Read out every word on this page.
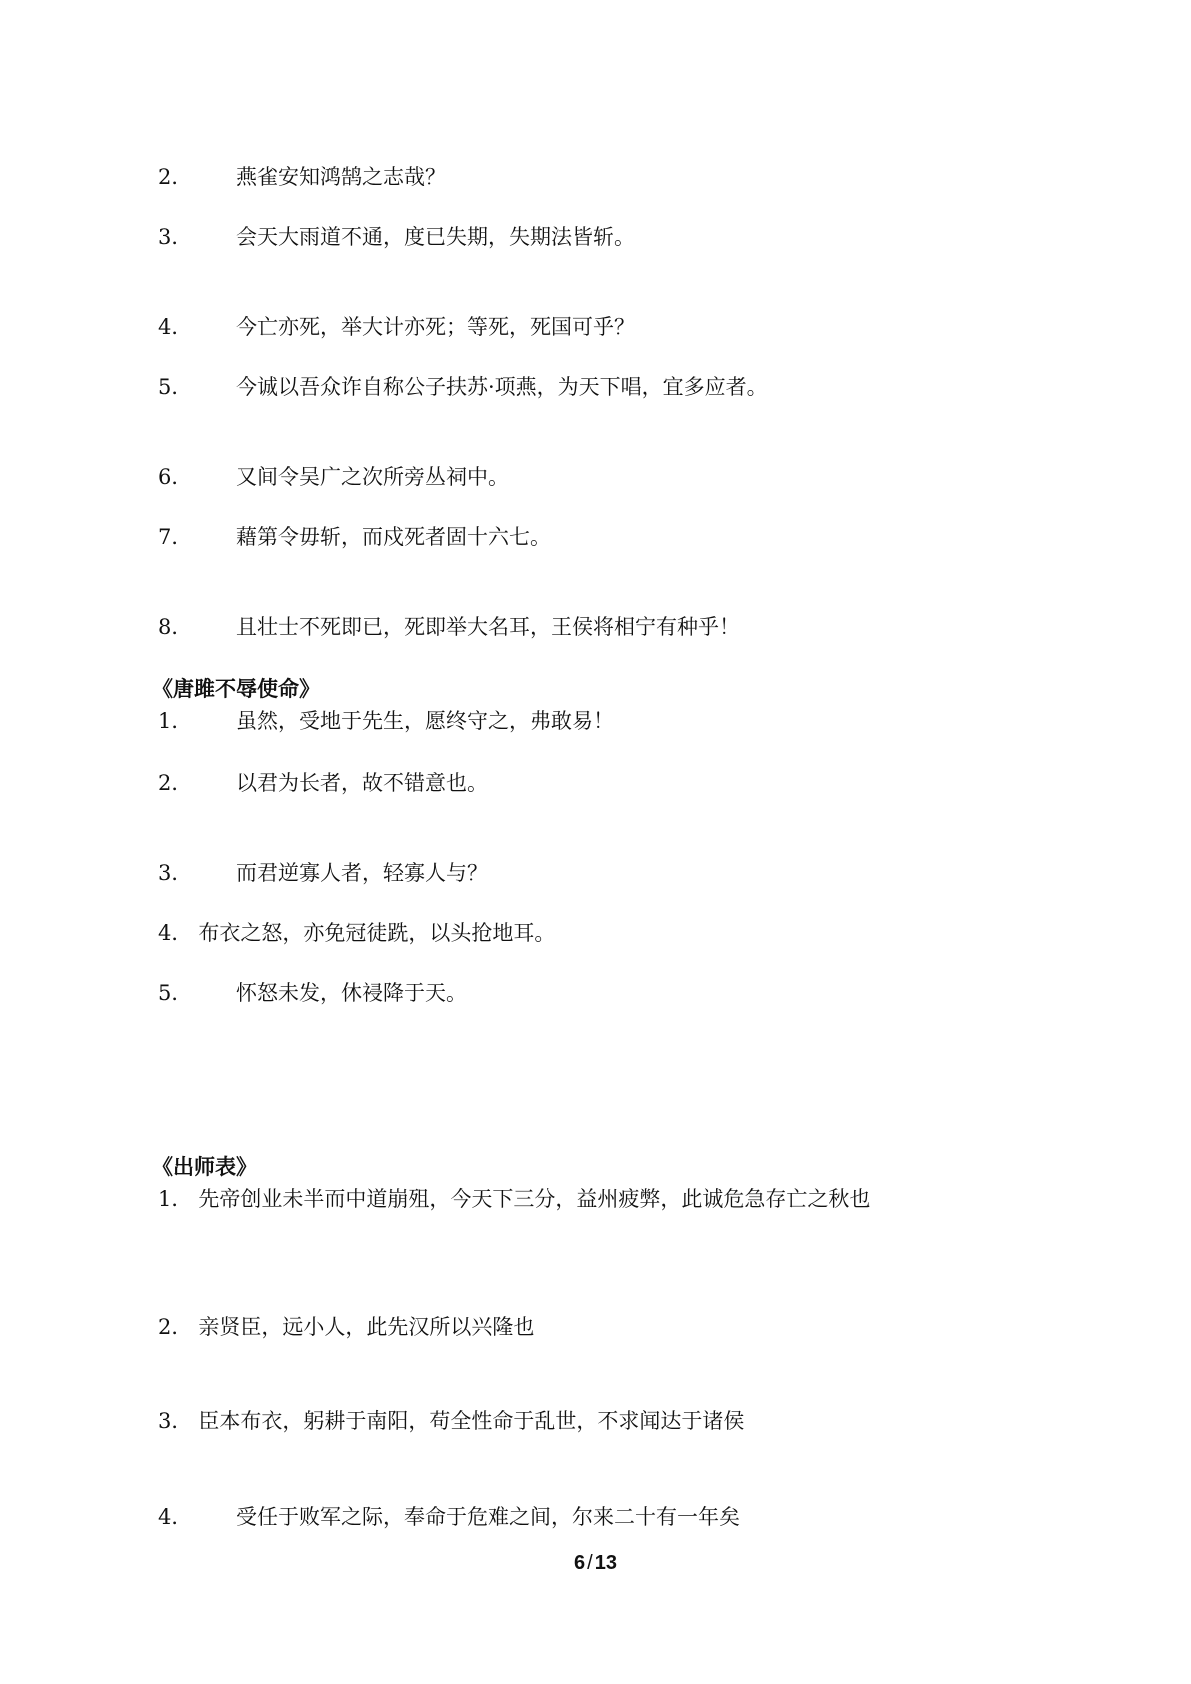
2． 燕雀安知鸿鹄之志哉？
3． 会天大雨道不通，度已失期，失期法皆斩。
4． 今亡亦死，举大计亦死；等死，死国可乎？
5． 今诚以吾众诈自称公子扶苏·项燕，为天下唱，宜多应者。
6． 又间令吴广之次所旁丛祠中。
7． 藉第令毋斩，而戍死者固十六七。
8． 且壮士不死即已，死即举大名耳，王侯将相宁有种乎！
《唐雎不辱使命》
1． 虽然，受地于先生，愿终守之，弗敢易！
2． 以君为长者，故不错意也。
3． 而君逆寡人者，轻寡人与？
4． 布衣之怒，亦免冠徒跣，以头抢地耳。
5． 怀怒未发，休祲降于天。
《出师表》
1． 先帝创业未半而中道崩殂，今天下三分，益州疲弊，此诚危急存亡之秋也
2． 亲贤臣，远小人，此先汉所以兴隆也
3． 臣本布衣，躬耕于南阳，苟全性命于乱世，不求闻达于诸侯
4． 受任于败军之际，奉命于危难之间，尔来二十有一年矣
6 / 13
